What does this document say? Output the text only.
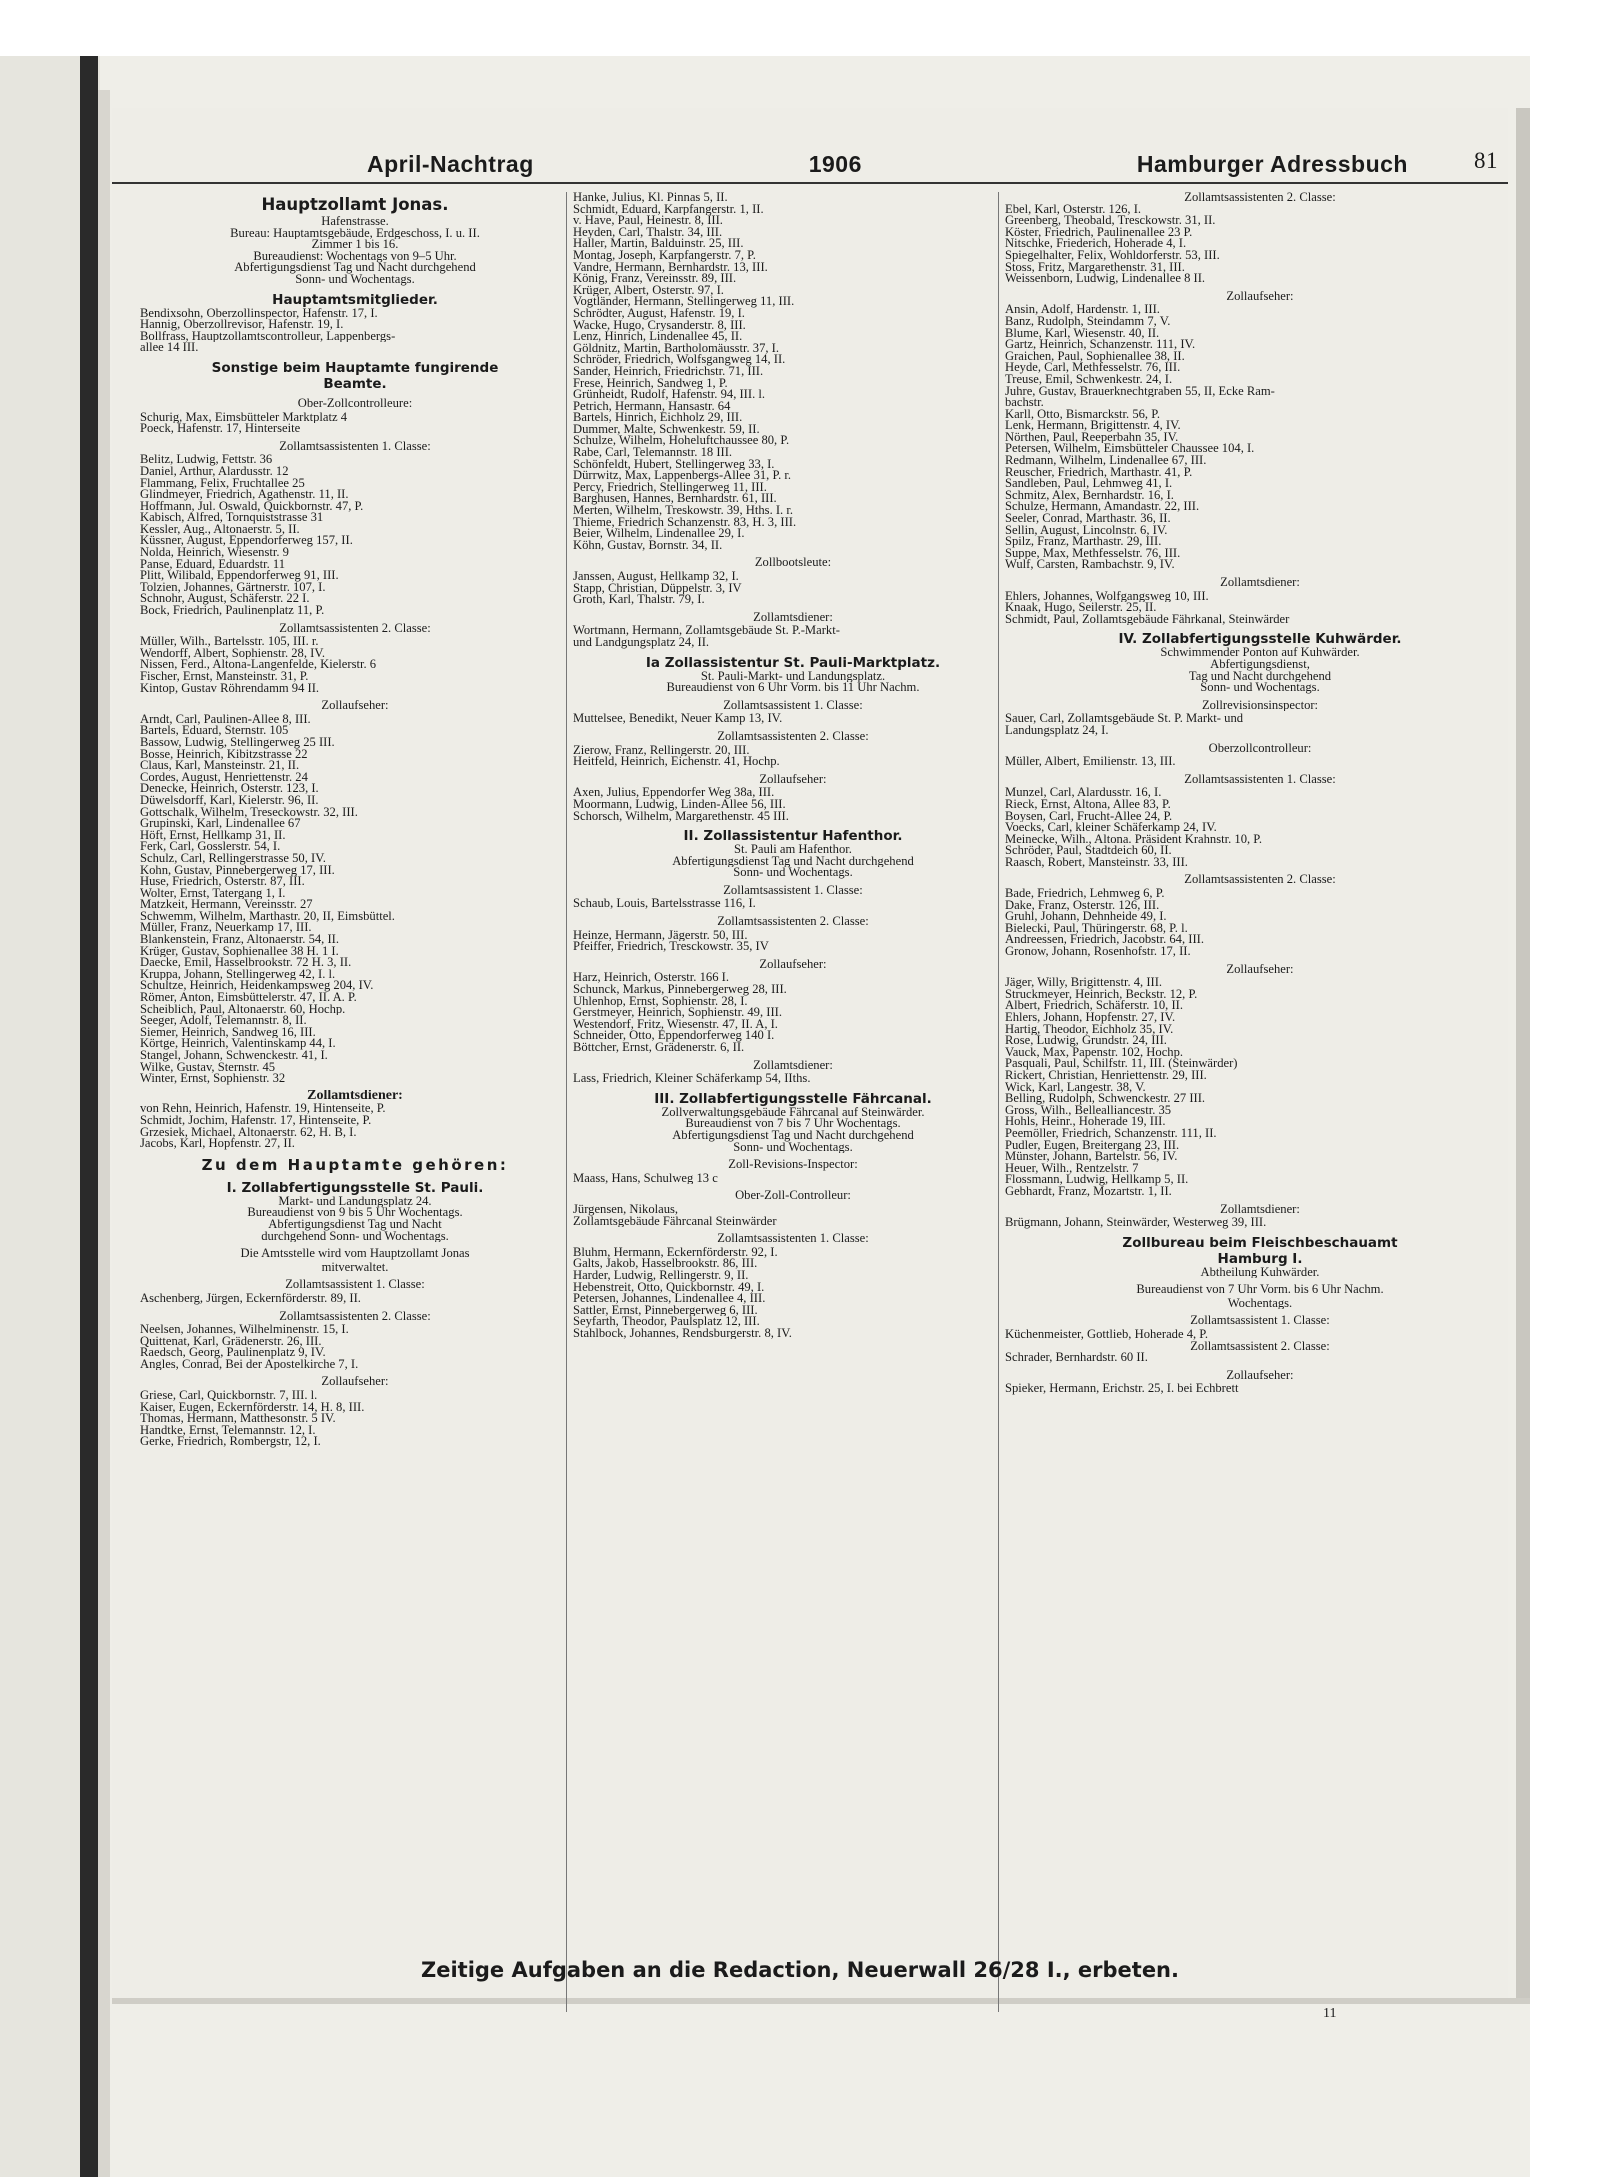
April-Nachtrag	1906	Hamburger Adressbuch	81
Hauptzollamt Jonas.
Hafenstrasse.
Bureau: Hauptamtsgebäude, Erdgeschoss, I. u. II.
Zimmer 1 bis 16.
Bureaudienst: Wochentags von 9–5 Uhr.
Abfertigungsdienst Tag und Nacht durchgehend
Sonn- und Wochentags.
Hauptamtsmitglieder.
Bendixsohn, Oberzollinspector, Hafenstr. 17, I.
Hannig, Oberzollrevisor, Hafenstr. 19, I.
Bollfrass, Hauptzollamtscontrolleur, Lappenbergs-
allee 14 III.
Sonstige beim Hauptamte fungirende
Beamte.
Ober-Zollcontrolleure:
Schurig, Max, Eimsbütteler Marktplatz 4
Poeck, Hafenstr. 17, Hinterseite
Zollamtsassistenten 1. Classe:
Belitz, Ludwig, Fettstr. 36
Daniel, Arthur, Alardusstr. 12
Flammang, Felix, Fruchtallee 25
Glindmeyer, Friedrich, Agathenstr. 11, II.
Hoffmann, Jul. Oswald, Quickbornstr. 47, P.
Kabisch, Alfred, Tornquiststrasse 31
Kessler, Aug., Altonaerstr. 5, II.
Küssner, August, Eppendorferweg 157, II.
Nolda, Heinrich, Wiesenstr. 9
Panse, Eduard, Eduardstr. 11
Plitt, Wilibald, Eppendorferweg 91, III.
Tolzien, Johannes, Gärtnerstr. 107, I.
Schnohr, August, Schäferstr. 22 I.
Bock, Friedrich, Paulinenplatz 11, P.
Zollamtsassistenten 2. Classe:
Müller, Wilh., Bartelsstr. 105, III. r.
Wendorff, Albert, Sophienstr. 28, IV.
Nissen, Ferd., Altona-Langenfelde, Kielerstr. 6
Fischer, Ernst, Mansteinstr. 31, P.
Kintop, Gustav Röhrendamm 94 II.
Zollaufseher:
Arndt, Carl, Paulinen-Allee 8, III.
Bartels, Eduard, Sternstr. 105
Bassow, Ludwig, Stellingerweg 25 III.
Bosse, Heinrich, Kibitzstrasse 22
Claus, Karl, Mansteinstr. 21, II.
Cordes, August, Henriettenstr. 24
Denecke, Heinrich, Osterstr. 123, I.
Düwelsdorff, Karl, Kielerstr. 96, II.
Gottschalk, Wilhelm, Treseckowstr. 32, III.
Grupinski, Karl, Lindenallee 67
Höft, Ernst, Hellkamp 31, II.
Ferk, Carl, Gosslerstr. 54, I.
Schulz, Carl, Rellingerstrasse 50, IV.
Kohn, Gustav, Pinnebergerweg 17, III.
Huse, Friedrich, Osterstr. 87, III.
Wolter, Ernst, Tatergang 1, I.
Matzkeit, Hermann, Vereinsstr. 27
Schwemm, Wilhelm, Marthastr. 20, II, Eimsbüttel.
Müller, Franz, Neuerkamp 17, III.
Blankenstein, Franz, Altonaerstr. 54, II.
Krüger, Gustav, Sophienallee 38 H. 1 I.
Daecke, Emil, Hasselbrookstr. 72 H. 3, II.
Kruppa, Johann, Stellingerweg 42, I. l.
Schultze, Heinrich, Heidenkampsweg 204, IV.
Römer, Anton, Eimsbüttelerstr. 47, II. A. P.
Scheiblich, Paul, Altonaerstr. 60, Hochp.
Seeger, Adolf, Telemannstr. 8, II.
Siemer, Heinrich, Sandweg 16, III.
Körtge, Heinrich, Valentinskamp 44, I.
Stangel, Johann, Schwenckestr. 41, I.
Wilke, Gustav, Sternstr. 45
Winter, Ernst, Sophienstr. 32
Zollamtsdiener:
von Rehn, Heinrich, Hafenstr. 19, Hintenseite, P.
Schmidt, Jochim, Hafenstr. 17, Hintenseite, P.
Grzesiek, Michael, Altonaerstr. 62, H. B, I.
Jacobs, Karl, Hopfenstr. 27, II.
Zu dem Hauptamte gehören:
I. Zollabfertigungsstelle St. Pauli.
Markt- und Landungsplatz 24.
Bureaudienst von 9 bis 5 Uhr Wochentags.
Abfertigungsdienst Tag und Nacht
durchgehend Sonn- und Wochentags.
Die Amtsstelle wird vom Hauptzollamt Jonas
mitverwaltet.
Zollamtsassistent 1. Classe:
Aschenberg, Jürgen, Eckernförderstr. 89, II.
Zollamtsassistenten 2. Classe:
Neelsen, Johannes, Wilhelminenstr. 15, I.
Quittenat, Karl, Grädenerstr. 26, III.
Raedsch, Georg, Paulinenplatz 9, IV.
Angles, Conrad, Bei der Apostelkirche 7, I.
Zollaufseher:
Griese, Carl, Quickbornstr. 7, III. l.
Kaiser, Eugen, Eckernförderstr. 14, H. 8, III.
Thomas, Hermann, Matthesonstr. 5 IV.
Handtke, Ernst, Telemannstr. 12, I.
Gerke, Friedrich, Rombergstr, 12, I.
Hanke, Julius, Kl. Pinnas 5, II.
Schmidt, Eduard, Karpfangerstr. 1, II.
v. Have, Paul, Heinestr. 8, III.
Heyden, Carl, Thalstr. 34, III.
Haller, Martin, Balduinstr. 25, III.
Montag, Joseph, Karpfangerstr. 7, P.
Vandre, Hermann, Bernhardstr. 13, III.
König, Franz, Vereinsstr. 89, III.
Krüger, Albert, Osterstr. 97, I.
Vogtländer, Hermann, Stellingerweg 11, III.
Schrödter, August, Hafenstr. 19, I.
Wacke, Hugo, Crysanderstr. 8, III.
Lenz, Hinrich, Lindenallee 45, II.
Göldnitz, Martin, Bartholomäusstr. 37, I.
Schröder, Friedrich, Wolfsgangweg 14, II.
Sander, Heinrich, Friedrichstr. 71, III.
Frese, Heinrich, Sandweg 1, P.
Grünheidt, Rudolf, Hafenstr. 94, III. l.
Petrich, Hermann, Hansastr. 64
Bartels, Hinrich, Eichholz 29, III.
Dummer, Malte, Schwenkestr. 59, II.
Schulze, Wilhelm, Hoheluftchaussee 80, P.
Rabe, Carl, Telemannstr. 18 III.
Schönfeldt, Hubert, Stellingerweg 33, I.
Dürrwitz, Max, Lappenbergs-Allee 31, P. r.
Percy, Friedrich, Stellingerweg 11, III.
Barghusen, Hannes, Bernhardstr. 61, III.
Merten, Wilhelm, Treskowstr. 39, Hths. I. r.
Thieme, Friedrich Schanzenstr. 83, H. 3, III.
Beier, Wilhelm, Lindenallee 29, I.
Köhn, Gustav, Bornstr. 34, II.
Zollbootsleute:
Janssen, August, Hellkamp 32, I.
Stapp, Christian, Düppelstr. 3, IV
Groth, Karl, Thalstr. 79, I.
Zollamtsdiener:
Wortmann, Hermann, Zollamtsgebäude St. P.-Markt-
und Landgungsplatz 24, II.
Ia Zollassistentur St. Pauli-Marktplatz.
St. Pauli-Markt- und Landungsplatz.
Bureaudienst von 6 Uhr Vorm. bis 11 Uhr Nachm.
Zollamtsassistent 1. Classe:
Muttelsee, Benedikt, Neuer Kamp 13, IV.
Zollamtsassistenten 2. Classe:
Zierow, Franz, Rellingerstr. 20, III.
Heitfeld, Heinrich, Eichenstr. 41, Hochp.
Zollaufseher:
Axen, Julius, Eppendorfer Weg 38a, III.
Moormann, Ludwig, Linden-Allee 56, III.
Schorsch, Wilhelm, Margarethenstr. 45 III.
II. Zollassistentur Hafenthor.
St. Pauli am Hafenthor.
Abfertigungsdienst Tag und Nacht durchgehend
Sonn- und Wochentags.
Zollamtsassistent 1. Classe:
Schaub, Louis, Bartelsstrasse 116, I.
Zollamtsassistenten 2. Classe:
Heinze, Hermann, Jägerstr. 50, III.
Pfeiffer, Friedrich, Tresckowstr. 35, IV
Zollaufseher:
Harz, Heinrich, Osterstr. 166 I.
Schunck, Markus, Pinnebergerweg 28, III.
Uhlenhop, Ernst, Sophienstr. 28, I.
Gerstmeyer, Heinrich, Sophienstr. 49, III.
Westendorf, Fritz, Wiesenstr. 47, II. A, I.
Schneider, Otto, Eppendorferweg 140 I.
Böttcher, Ernst, Grädenerstr. 6, II.
Zollamtsdiener:
Lass, Friedrich, Kleiner Schäferkamp 54, IIths.
III. Zollabfertigungsstelle Fährcanal.
Zollverwaltungsgebäude Fährcanal auf Steinwärder.
Bureaudienst von 7 bis 7 Uhr Wochentags.
Abfertigungsdienst Tag und Nacht durchgehend
Sonn- und Wochentags.
Zoll-Revisions-Inspector:
Maass, Hans, Schulweg 13 c
Ober-Zoll-Controlleur:
Jürgensen, Nikolaus,
Zollamtsgebäude Fährcanal Steinwärder
Zollamtsassistenten 1. Classe:
Bluhm, Hermann, Eckernförderstr. 92, I.
Galts, Jakob, Hasselbrookstr. 86, III.
Harder, Ludwig, Rellingerstr. 9, II.
Hebenstreit, Otto, Quickbornstr. 49, I.
Petersen, Johannes, Lindenallee 4, III.
Sattler, Ernst, Pinnebergerweg 6, III.
Seyfarth, Theodor, Paulsplatz 12, III.
Stahlbock, Johannes, Rendsburgerstr. 8, IV.
Zollamtsassistenten 2. Classe:
Ebel, Karl, Osterstr. 126, I.
Greenberg, Theobald, Tresckowstr. 31, II.
Köster, Friedrich, Paulinenallee 23 P.
Nitschke, Friederich, Hoherade 4, I.
Spiegelhalter, Felix, Wohldorferstr. 53, III.
Stoss, Fritz, Margarethenstr. 31, III.
Weissenborn, Ludwig, Lindenallee 8 II.
Zollaufseher:
Ansin, Adolf, Hardenstr. 1, III.
Banz, Rudolph, Steindamm 7, V.
Blume, Karl, Wiesenstr. 40, II.
Gartz, Heinrich, Schanzenstr. 111, IV.
Graichen, Paul, Sophienallee 38, II.
Heyde, Carl, Methfesselstr. 76, III.
Treuse, Emil, Schwenkestr. 24, I.
Juhre, Gustav, Brauerknechtgraben 55, II, Ecke Ram-
bachstr.
Karll, Otto, Bismarckstr. 56, P.
Lenk, Hermann, Brigittenstr. 4, IV.
Nörthen, Paul, Reeperbahn 35, IV.
Petersen, Wilhelm, Eimsbütteler Chaussee 104, I.
Redmann, Wilhelm, Lindenallee 67, III.
Reuscher, Friedrich, Marthastr. 41, P.
Sandleben, Paul, Lehmweg 41, I.
Schmitz, Alex, Bernhardstr. 16, I.
Schulze, Hermann, Amandastr. 22, III.
Seeler, Conrad, Marthastr. 36, II.
Sellin, August, Lincolnstr. 6, IV.
Spilz, Franz, Marthastr. 29, III.
Suppe, Max, Methfesselstr. 76, III.
Wulf, Carsten, Rambachstr. 9, IV.
Zollamtsdiener:
Ehlers, Johannes, Wolfgangsweg 10, III.
Knaak, Hugo, Seilerstr. 25, II.
Schmidt, Paul, Zollamtsgebäude Fährkanal, Steinwärder
IV. Zollabfertigungsstelle Kuhwärder.
Schwimmender Ponton auf Kuhwärder.
Abfertigungsdienst,
Tag und Nacht durchgehend
Sonn- und Wochentags.
Zollrevisionsinspector:
Sauer, Carl, Zollamtsgebäude St. P. Markt- und
Landungsplatz 24, I.
Oberzollcontrolleur:
Müller, Albert, Emilienstr. 13, III.
Zollamtsassistenten 1. Classe:
Munzel, Carl, Alardusstr. 16, I.
Rieck, Ernst, Altona, Allee 83, P.
Boysen, Carl, Frucht-Allee 24, P.
Voecks, Carl, kleiner Schäferkamp 24, IV.
Meinecke, Wilh., Altona. Präsident Krahnstr. 10, P.
Schröder, Paul, Stadtdeich 60, II.
Raasch, Robert, Mansteinstr. 33, III.
Zollamtsassistenten 2. Classe:
Bade, Friedrich, Lehmweg 6, P.
Dake, Franz, Osterstr. 126, III.
Gruhl, Johann, Dehnheide 49, I.
Bielecki, Paul, Thüringerstr. 68, P. l.
Andreessen, Friedrich, Jacobstr. 64, III.
Gronow, Johann, Rosenhofstr. 17, II.
Zollaufseher:
Jäger, Willy, Brigittenstr. 4, III.
Struckmeyer, Heinrich, Beckstr. 12, P.
Albert, Friedrich, Schäferstr. 10, II.
Ehlers, Johann, Hopfenstr. 27, IV.
Hartig, Theodor, Eichholz 35, IV.
Rose, Ludwig, Grundstr. 24, III.
Vauck, Max, Papenstr. 102, Hochp.
Pasquali, Paul, Schilfstr. 11, III. (Steinwärder)
Rickert, Christian, Henriettenstr. 29, III.
Wick, Karl, Langestr. 38, V.
Belling, Rudolph, Schwenckestr. 27 III.
Gross, Wilh., Bellealliancestr. 35
Hohls, Heinr., Hoherade 19, III.
Peemöller, Friedrich, Schanzenstr. 111, II.
Pudler, Eugen, Breitergang 23, III.
Münster, Johann, Bartelstr. 56, IV.
Heuer, Wilh., Rentzelstr. 7
Flossmann, Ludwig, Hellkamp 5, II.
Gebhardt, Franz, Mozartstr. 1, II.
Zollamtsdiener:
Brügmann, Johann, Steinwärder, Westerweg 39, III.
Zollbureau beim Fleischbeschauamt
Hamburg I.
Abtheilung Kuhwärder.
Bureaudienst von 7 Uhr Vorm. bis 6 Uhr Nachm.
Wochentags.
Zollamtsassistent 1. Classe:
Küchenmeister, Gottlieb, Hoherade 4, P.
Zollamtsassistent 2. Classe:
Schrader, Bernhardstr. 60 II.
Zollaufseher:
Spieker, Hermann, Erichstr. 25, I. bei Echbrett
Zeitige Aufgaben an die Redaction, Neuerwall 26/28 I., erbeten.
11
